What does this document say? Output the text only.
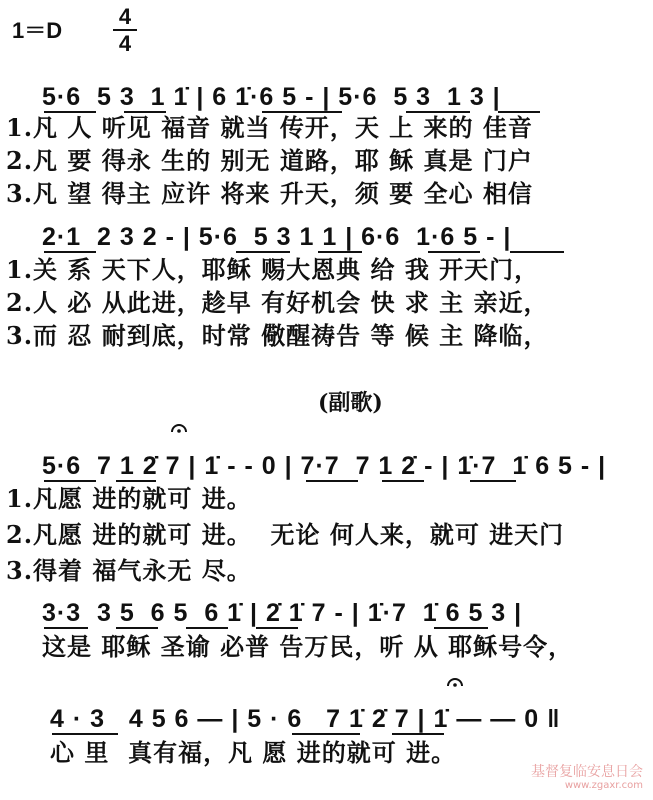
1＝D
4
4
5·6  5 3  1 1̇ | 6 1̇·6 5 - | 5·6  5 3  1 3 |
1.凡 人 听见 福音 就当 传开，天 上 来的 佳音
2.凡 要 得永 生的 别无 道路，耶 稣 真是 门户
3.凡 望 得主 应许 将来 升天，须 要 全心 相信
2·1  2 3 2 - | 5·6  5 3 1 1 | 6·6  1·6 5 - |
1.关 系 天下人，耶稣 赐大恩典 给 我 开天门，
2.人 必 从此进，趁早 有好机会 快 求 主 亲近，
3.而 忍 耐到底，时常 儆醒祷告 等 候 主 降临，
(副歌)
5·6  7 1 2̇ 7 | 1̇ - - 0 | 7·7  7 1 2̇ - | 1̇·7  1̇ 6 5 - |
1.凡愿 进的就可 进。
2.凡愿 进的就可 进。  无论 何人来，就可 进天门
3.得着 福气永无 尽。
3·3  3 5  6 5  6 1̇ | 2̇ 1̇ 7 - | 1̇·7  1̇ 6 5 3 |
这是 耶稣 圣谕 必普 告万民，听 从 耶稣号令，
4 · 3   4 5 6 — | 5 · 6   7 1̇ 2̇ 7 | 1̇ — — 0 ‖
心 里  真有福，凡 愿 进的就可 进。
基督复临安息日会
www.zgaxr.com
